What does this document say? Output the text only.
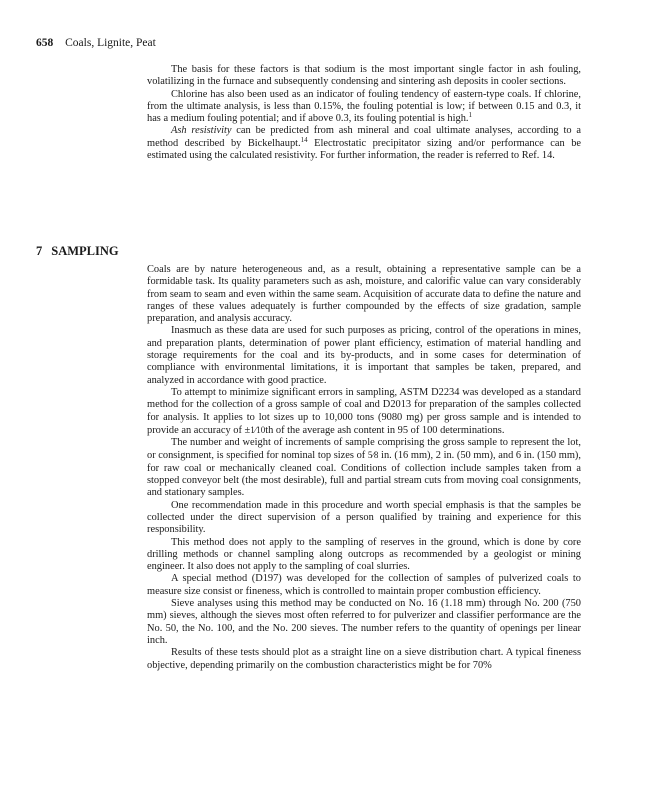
658 Coals, Lignite, Peat

The basis for these factors is that sodium is the most important single factor in ash fouling, volatilizing in the furnace and subsequently condensing and sintering ash deposits in cooler sections.

Chlorine has also been used as an indicator of fouling tendency of eastern-type coals. If chlorine, from the ultimate analysis, is less than 0.15%, the fouling potential is low; if between 0.15 and 0.3, it has a medium fouling potential; and if above 0.3, its fouling potential is high.$^1$

Ash resistivity can be predicted from ash mineral and coal ultimate analyses, according to a method described by Bickelhaupt.$^{14}$ Electrostatic precipitator sizing and/or performance can be estimated using the calculated resistivity. For further information, the reader is referred to Ref. 14.

7 SAMPLING

Coals are by nature heterogeneous and, as a result, obtaining a representative sample can be a formidable task. Its quality parameters such as ash, moisture, and calorific value can vary considerably from seam to seam and even within the same seam. Acquisition of accurate data to define the nature and ranges of these values adequately is further compounded by the effects of size gradation, sample preparation, and analysis accuracy.

Inasmuch as these data are used for such purposes as pricing, control of the operations in mines, and preparation plants, determination of power plant efficiency, estimation of material handling and storage requirements for the coal and its by-products, and in some cases for determination of compliance with environmental limitations, it is important that samples be taken, prepared, and analyzed in accordance with good practice.

To attempt to minimize significant errors in sampling, ASTM D2234 was developed as a standard method for the collection of a gross sample of coal and D2013 for preparation of the samples collected for analysis. It applies to lot sizes up to 10,000 tons (9080 mg) per gross sample and is intended to provide an accuracy of ±1⁄10th of the average ash content in 95 of 100 determinations.

The number and weight of increments of sample comprising the gross sample to represent the lot, or consignment, is specified for nominal top sizes of 5⁄8 in. (16 mm), 2 in. (50 mm), and 6 in. (150 mm), for raw coal or mechanically cleaned coal. Conditions of collection include samples taken from a stopped conveyor belt (the most desirable), full and partial stream cuts from moving coal consignments, and stationary samples.

One recommendation made in this procedure and worth special emphasis is that the samples be collected under the direct supervision of a person qualified by training and experience for this responsibility.

This method does not apply to the sampling of reserves in the ground, which is done by core drilling methods or channel sampling along outcrops as recommended by a geologist or mining engineer. It also does not apply to the sampling of coal slurries.

A special method (D197) was developed for the collection of samples of pulverized coals to measure size consist or fineness, which is controlled to maintain proper combustion efficiency.

Sieve analyses using this method may be conducted on No. 16 (1.18 mm) through No. 200 (750 mm) sieves, although the sieves most often referred to for pulverizer and classifier performance are the No. 50, the No. 100, and the No. 200 sieves. The number refers to the quantity of openings per linear inch.

Results of these tests should plot as a straight line on a sieve distribution chart. A typical fineness objective, depending primarily on the combustion characteristics might be for 70%
